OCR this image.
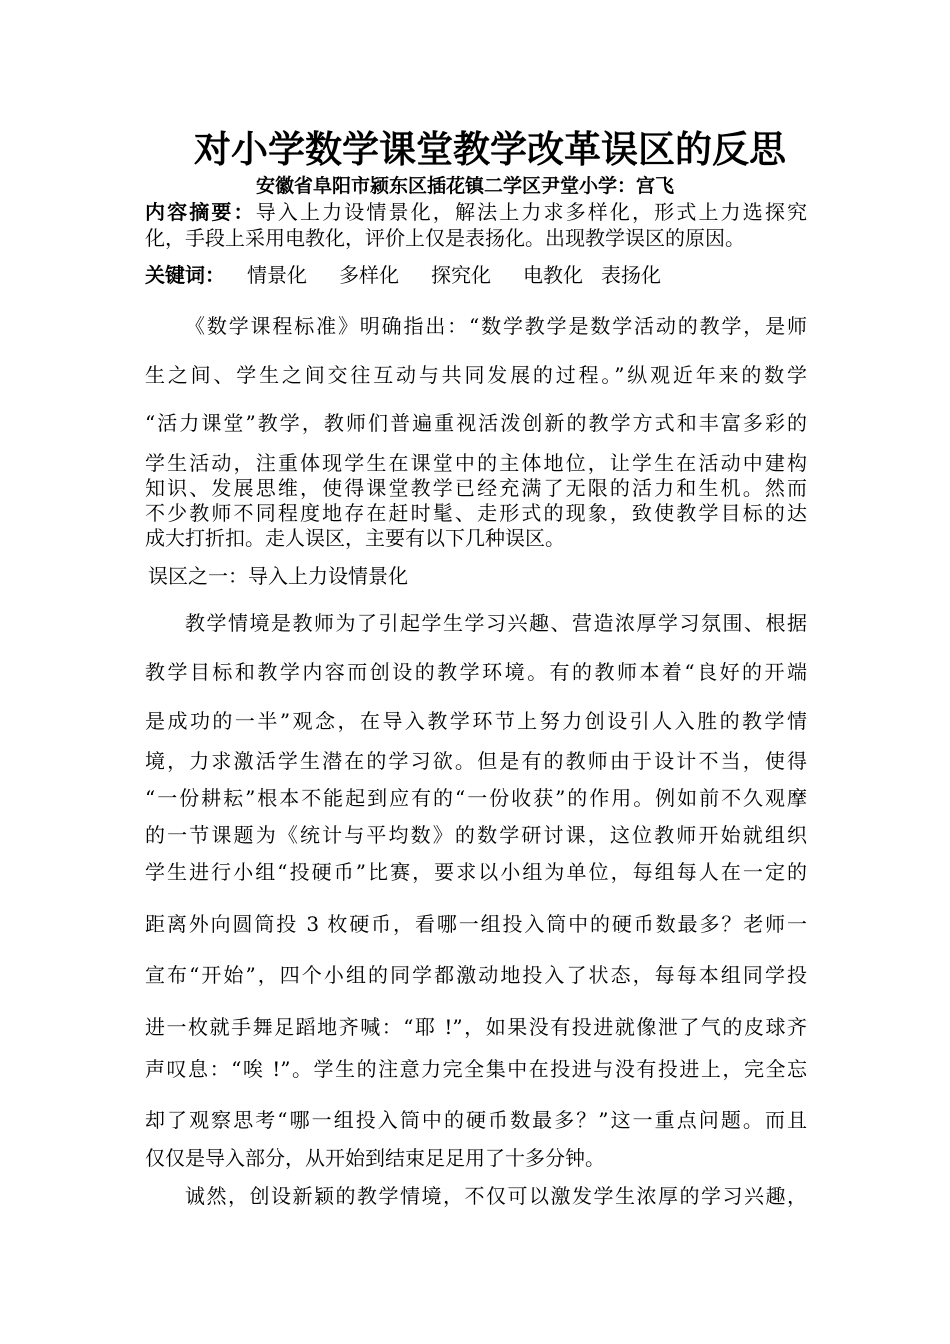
对小学数学课堂教学改革误区的反思
安徽省阜阳市颍东区插花镇二学区尹堂小学：宫飞
内容摘要：导入上力设情景化，解法上力求多样化，形式上力选探究
化，手段上采用电教化，评价上仅是表扬化。出现教学误区的原因。
关键词： 情景化 多样化 探究化 电教化 表扬化
《数学课程标准》明确指出：“数学教学是数学活动的教学，是师
生之间、学生之间交往互动与共同发展的过程。”纵观近年来的数学
“活力课堂”教学，教师们普遍重视活泼创新的教学方式和丰富多彩的
学生活动，注重体现学生在课堂中的主体地位，让学生在活动中建构
知识、发展思维，使得课堂教学已经充满了无限的活力和生机。然而
不少教师不同程度地存在赶时髦、走形式的现象，致使教学目标的达
成大打折扣。走人误区，主要有以下几种误区。
误区之一：导入上力设情景化
教学情境是教师为了引起学生学习兴趣、营造浓厚学习氛围、根据
教学目标和教学内容而创设的教学环境。有的教师本着“良好的开端
是成功的一半”观念，在导入教学环节上努力创设引人入胜的教学情
境，力求激活学生潜在的学习欲。但是有的教师由于设计不当，使得
“一份耕耘”根本不能起到应有的“一份收获”的作用。例如前不久观摩
的一节课题为《统计与平均数》的数学研讨课，这位教师开始就组织
学生进行小组“投硬币”比赛，要求以小组为单位，每组每人在一定的
距离外向圆筒投 3 枚硬币，看哪一组投入筒中的硬币数最多？老师一
宣布“开始”，四个小组的同学都激动地投入了状态，每每本组同学投
进一枚就手舞足蹈地齐喊：“耶 !”，如果没有投进就像泄了气的皮球齐
声叹息：“唉 !”。学生的注意力完全集中在投进与没有投进上，完全忘
却了观察思考“哪一组投入筒中的硬币数最多？”这一重点问题。而且
仅仅是导入部分，从开始到结束足足用了十多分钟。
诚然，创设新颖的教学情境，不仅可以激发学生浓厚的学习兴趣，
